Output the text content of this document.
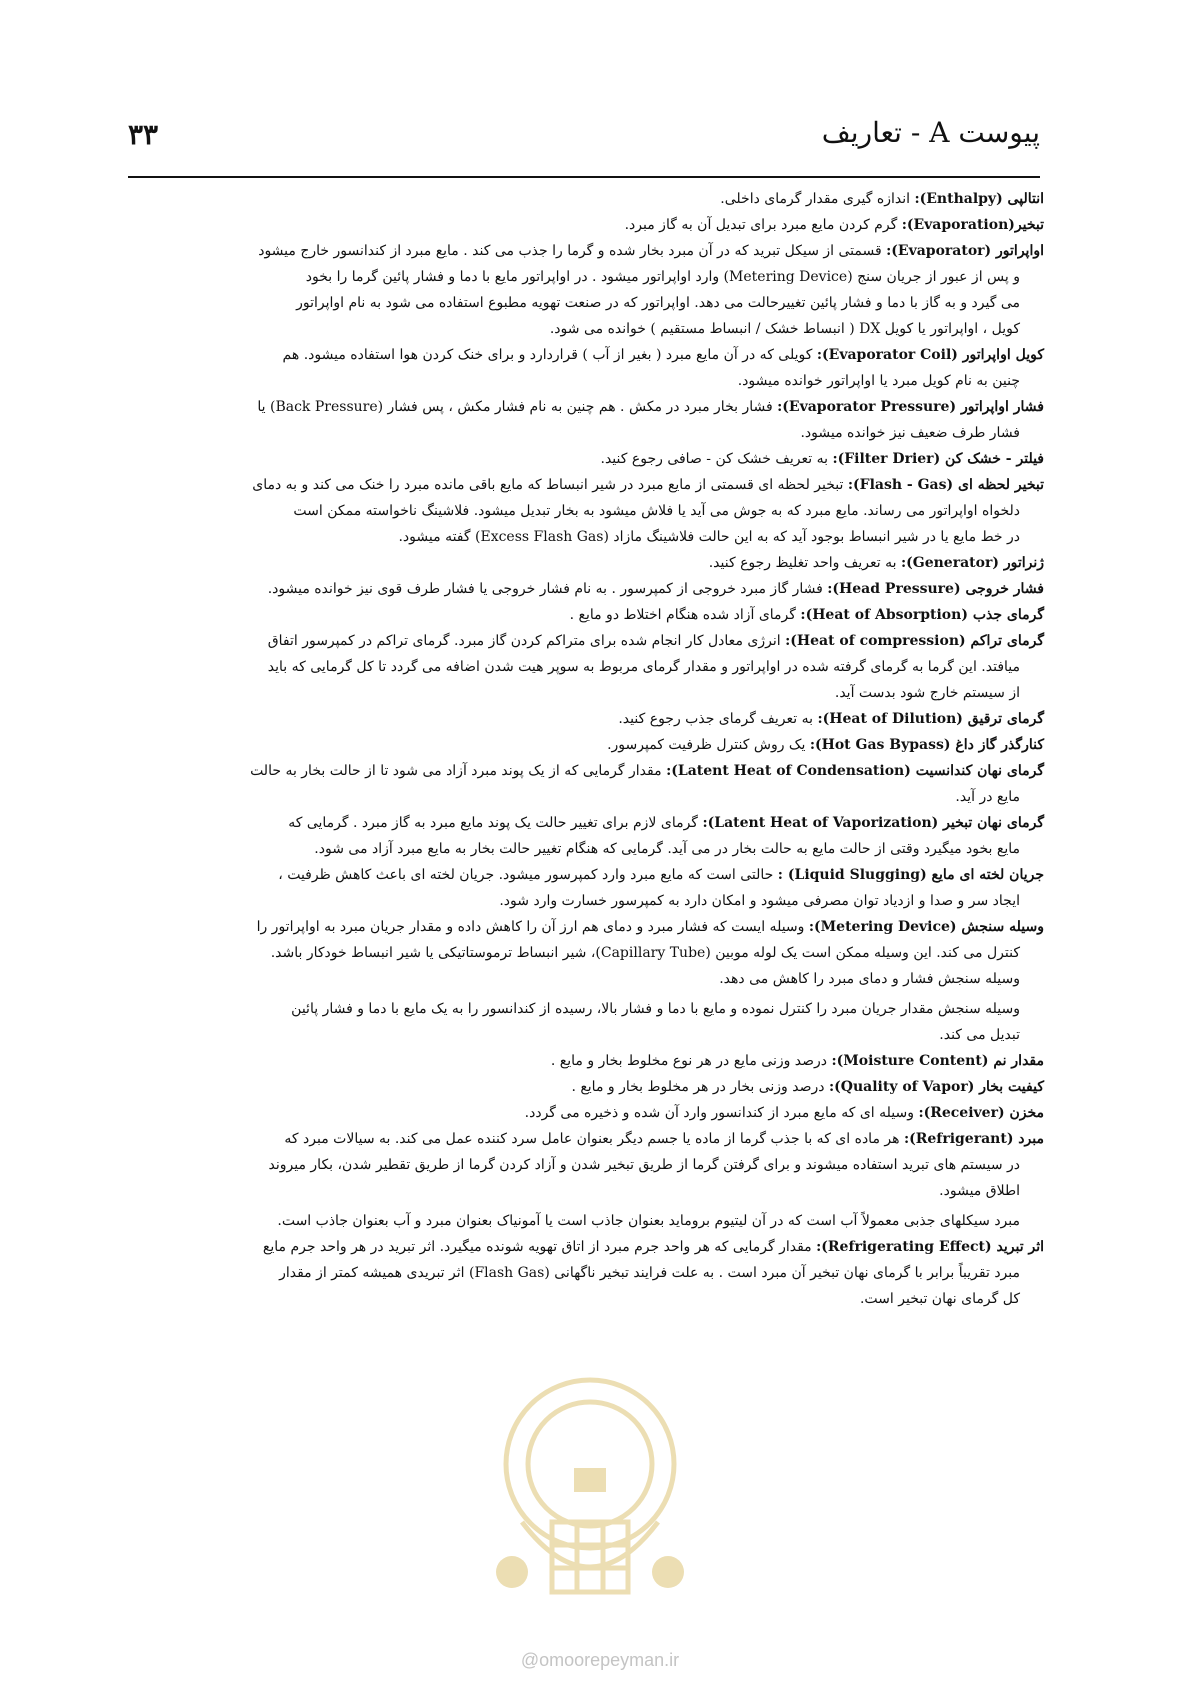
۳۳	پیوست A - تعاریف
انتالپی (Enthalpy): اندازه گیری مقدار گرمای داخلی.
تبخیر(Evaporation): گرم کردن مایع مبرد برای تبدیل آن به گاز مبرد.
اواپراتور (Evaporator): قسمتی از سیکل تبرید که در آن مبرد بخار شده و گرما را جذب می کند . مایع مبرد از کندانسور خارج میشود
و پس از عبور از جریان سنج (Metering Device) وارد اواپراتور میشود . در اواپراتور مایع با دما و فشار پائین گرما را بخود
می گیرد و به گاز با دما و فشار پائین تغییرحالت می دهد. اواپراتور که در صنعت تهویه مطبوع استفاده می شود به نام اواپراتور
کویل ، اواپراتور یا کویل DX ( انبساط خشک / انبساط مستقیم ) خوانده می شود.
کویل اواپراتور (Evaporator Coil): کویلی که در آن مایع مبرد ( بغیر از آب ) قراردارد و برای خنک کردن هوا استفاده میشود. هم
چنین به نام کویل مبرد یا اواپراتور خوانده میشود.
فشار اواپراتور (Evaporator Pressure): فشار بخار مبرد در مکش . هم چنین به نام فشار مکش ، پس فشار (Back Pressure) یا
فشار طرف ضعیف نیز خوانده میشود.
فیلتر - خشک کن (Filter Drier): به تعریف خشک کن - صافی رجوع کنید.
تبخیر لحظه ای (Flash - Gas): تبخیر لحظه ای قسمتی از مایع مبرد در شیر انبساط که مایع باقی مانده مبرد را خنک می کند و به دمای
دلخواه اواپراتور می رساند. مایع مبرد که به جوش می آید یا فلاش میشود به بخار تبدیل میشود. فلاشینگ ناخواسته ممکن است
در خط مایع یا در شیر انبساط بوجود آید که به این حالت فلاشینگ مازاد (Excess Flash Gas) گفته میشود.
ژنراتور (Generator): به تعریف واحد تغلیظ رجوع کنید.
فشار خروجی (Head Pressure): فشار گاز مبرد خروجی از کمپرسور . به نام فشار خروجی یا فشار طرف قوی نیز خوانده میشود.
گرمای جذب (Heat of Absorption): گرمای آزاد شده هنگام اختلاط دو مایع .
گرمای تراکم (Heat of compression): انرژی معادل کار انجام شده برای متراکم کردن گاز مبرد. گرمای تراکم در کمپرسور اتفاق
میافتد. این گرما به گرمای گرفته شده در اواپراتور و مقدار گرمای مربوط به سوپر هیت شدن اضافه می گردد تا کل گرمایی که باید
از سیستم خارج شود بدست آید.
گرمای ترقیق (Heat of Dilution): به تعریف گرمای جذب رجوع کنید.
کنارگذر گاز داغ (Hot Gas Bypass): یک روش کنترل ظرفیت کمپرسور.
گرمای نهان کندانسیت (Latent Heat of Condensation): مقدار گرمایی که از یک پوند مبرد آزاد می شود تا از حالت بخار به حالت
مایع در آید.
گرمای نهان تبخیر (Latent Heat of Vaporization): گرمای لازم برای تغییر حالت یک پوند مایع مبرد به گاز مبرد . گرمایی که
مایع بخود میگیرد وقتی از حالت مایع به حالت بخار در می آید. گرمایی که هنگام تغییر حالت بخار به مایع مبرد آزاد می شود.
جریان لخته ای مایع (Liquid Slugging) : حالتی است که مایع مبرد وارد کمپرسور میشود. جریان لخته ای باعث کاهش ظرفیت ،
ایجاد سر و صدا و ازدیاد توان مصرفی میشود و امکان دارد به کمپرسور خسارت وارد شود.
وسیله سنجش (Metering Device): وسیله ایست که فشار مبرد و دمای هم ارز آن را کاهش داده و مقدار جریان مبرد به اواپراتور را
کنترل می کند. این وسیله ممکن است یک لوله موبین (Capillary Tube)، شیر انبساط ترموستاتیکی یا شیر انبساط خودکار باشد.
وسیله سنجش فشار و دمای مبرد را کاهش می دهد.
وسیله سنجش مقدار جریان مبرد را کنترل نموده و مایع با دما و فشار بالا، رسیده از کندانسور را به یک مایع با دما و فشار پائین
تبدیل می کند.
مقدار نم (Moisture Content): درصد وزنی مایع در هر نوع مخلوط بخار و مایع .
کیفیت بخار (Quality of Vapor): درصد وزنی بخار در هر مخلوط بخار و مایع .
مخزن (Receiver): وسیله ای که مایع مبرد از کندانسور وارد آن شده و ذخیره می گردد.
مبرد (Refrigerant): هر ماده ای که با جذب گرما از ماده یا جسم دیگر بعنوان عامل سرد کننده عمل می کند. به سیالات مبرد که
در سیستم های تبرید استفاده میشوند و برای گرفتن گرما از طریق تبخیر شدن و آزاد کردن گرما از طریق تقطیر شدن، بکار میروند
اطلاق میشود.
مبرد سیکلهای جذبی معمولاً آب است که در آن لیتیوم بروماید بعنوان جاذب است یا آمونیاک بعنوان مبرد و آب بعنوان جاذب است.
اثر تبرید (Refrigerating Effect): مقدار گرمایی که هر واحد جرم مبرد از اتاق تهویه شونده میگیرد. اثر تبرید در هر واحد جرم مایع
مبرد تقریباً برابر با گرمای نهان تبخیر آن مبرد است . به علت فرایند تبخیر ناگهانی (Flash Gas) اثر تبریدی همیشه کمتر از مقدار
کل گرمای نهان تبخیر است.
@omoorepeyman.ir
